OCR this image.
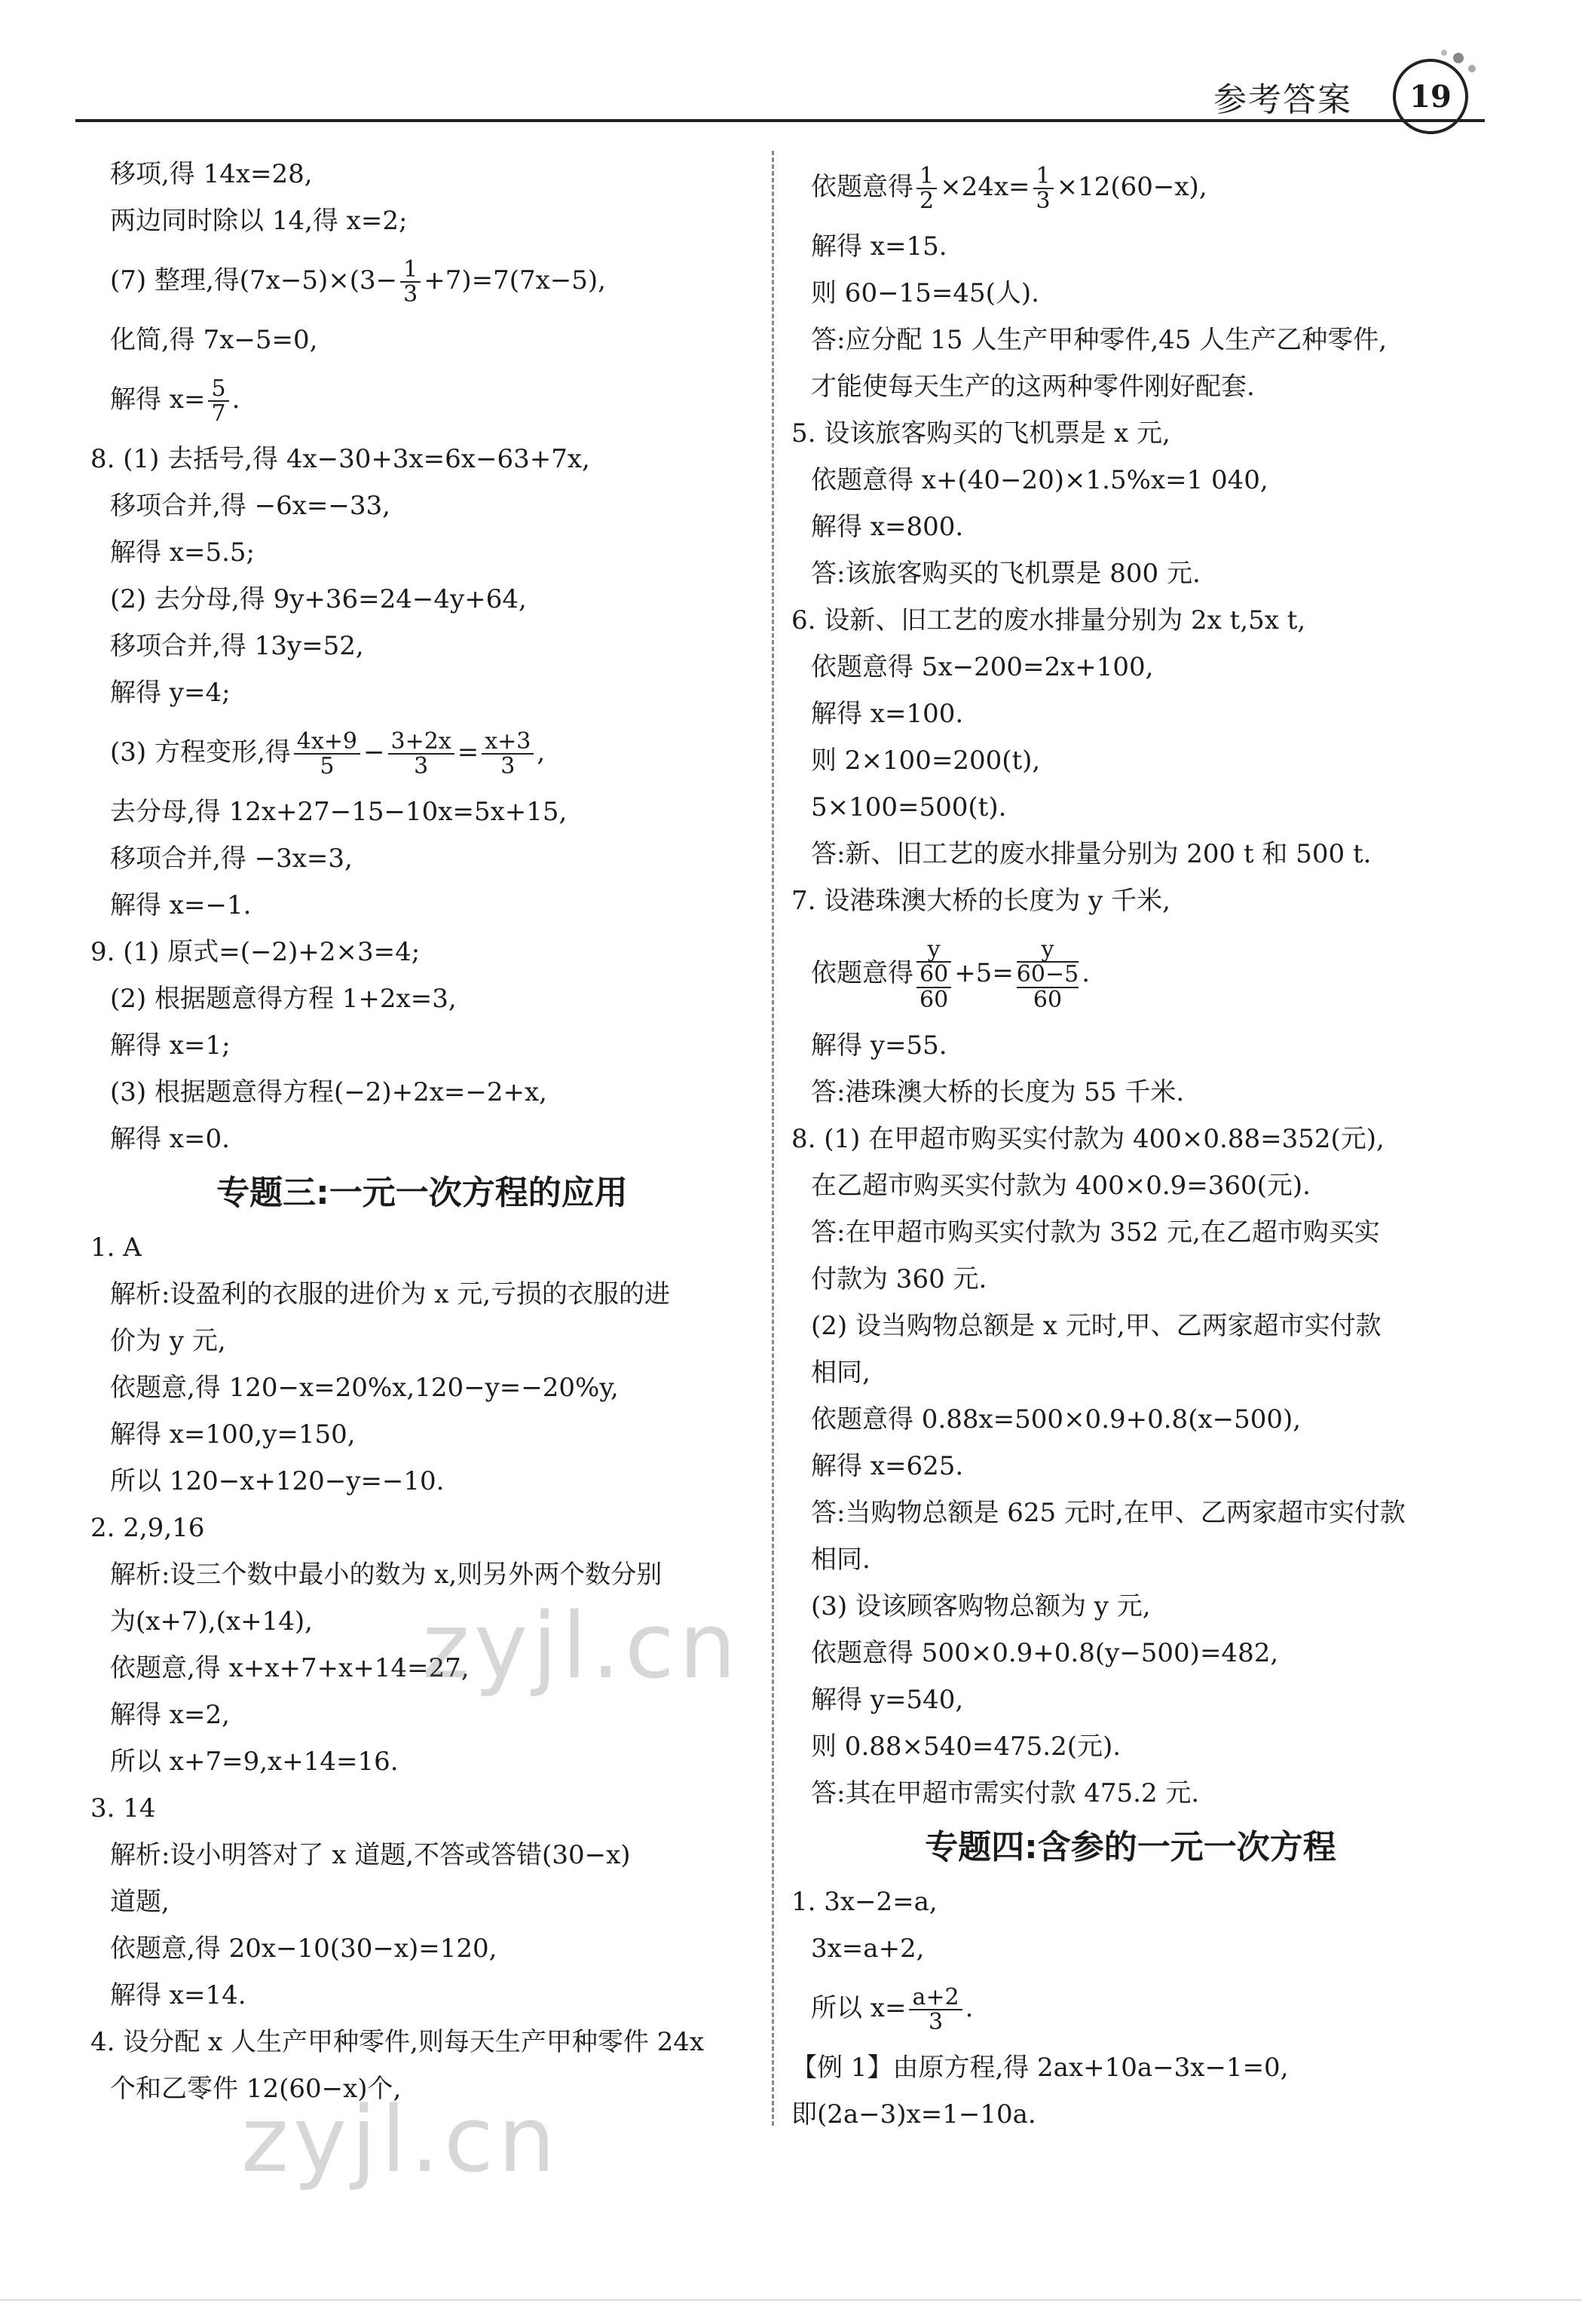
参考答案 19
移项,得 14x=28,
两边同时除以 14,得 x=2;
(7) 整理,得$(7x-5)\times(3- \frac{1}{3} +7)=7(7x-5)$,
化简,得 7x−5=0,
解得 $x= \frac{5}{7}$ .
8. (1) 去括号,得 4x−30+3x=6x−63+7x,
移项合并,得 −6x=−33,
解得 x=5.5;
(2) 去分母,得 9y+36=24−4y+64,
移项合并,得 13y=52,
解得 y=4;
(3) 方程变形,得 $\frac{4x+9}{5} - \frac{3+2x}{3} = \frac{x+3}{3}$ ,
去分母,得 12x+27−15−10x=5x+15,
移项合并,得 −3x=3,
解得 x=−1.
9. (1) 原式=(−2)+2×3=4;
(2) 根据题意得方程 1+2x=3,
解得 x=1;
(3) 根据题意得方程(−2)+2x=−2+x,
解得 x=0.
专题三:一元一次方程的应用
1. A
解析:设盈利的衣服的进价为 x 元,亏损的衣服的进
价为 y 元,
依题意,得 120−x=20%x,120−y=−20%y,
解得 x=100,y=150,
所以 120−x+120−y=−10.
2. 2,9,16
解析:设三个数中最小的数为 x,则另外两个数分别
为(x+7),(x+14),
依题意,得 x+x+7+x+14=27,
解得 x=2,
所以 x+7=9,x+14=16.
3. 14
解析:设小明答对了 x 道题,不答或答错(30−x)
道题,
依题意,得 20x−10(30−x)=120,
解得 x=14.
4. 设分配 x 人生产甲种零件,则每天生产甲种零件 24x
个和乙零件 12(60−x)个,
依题意得 $\frac{1}{2} \times 24x= \frac{1}{3} \times 12(60-x)$,
解得 x=15.
则 60−15=45(人).
答:应分配 15 人生产甲种零件,45 人生产乙种零件,
才能使每天生产的这两种零件刚好配套.
5. 设该旅客购买的飞机票是 x 元,
依题意得 x+(40−20)×1.5%x=1 040,
解得 x=800.
答:该旅客购买的飞机票是 800 元.
6. 设新、旧工艺的废水排量分别为 2x t,5x t,
依题意得 5x−200=2x+100,
解得 x=100.
则 2×100=200(t),
5×100=500(t).
答:新、旧工艺的废水排量分别为 200 t 和 500 t.
7. 设港珠澳大桥的长度为 y 千米,
依题意得
y
60
60
+5=
y
60−5
60
.
解得 y=55.
答:港珠澳大桥的长度为 55 千米.
8. (1) 在甲超市购买实付款为 400×0.88=352(元),
在乙超市购买实付款为 400×0.9=360(元).
答:在甲超市购买实付款为 352 元,在乙超市购买实
付款为 360 元.
(2) 设当购物总额是 x 元时,甲、乙两家超市实付款
相同,
依题意得 0.88x=500×0.9+0.8(x−500),
解得 x=625.
答:当购物总额是 625 元时,在甲、乙两家超市实付款
相同.
(3) 设该顾客购物总额为 y 元,
依题意得 500×0.9+0.8(y−500)=482,
解得 y=540,
则 0.88×540=475.2(元).
答:其在甲超市需实付款 475.2 元.
专题四:含参的一元一次方程
1. 3x−2=a,
3x=a+2,
所以 $x= \frac{a+2}{3}$ .
【例 1】由原方程,得 2ax+10a−3x−1=0,
即(2a−3)x=1−10a.
zyjl.cn
zyjl.cn
